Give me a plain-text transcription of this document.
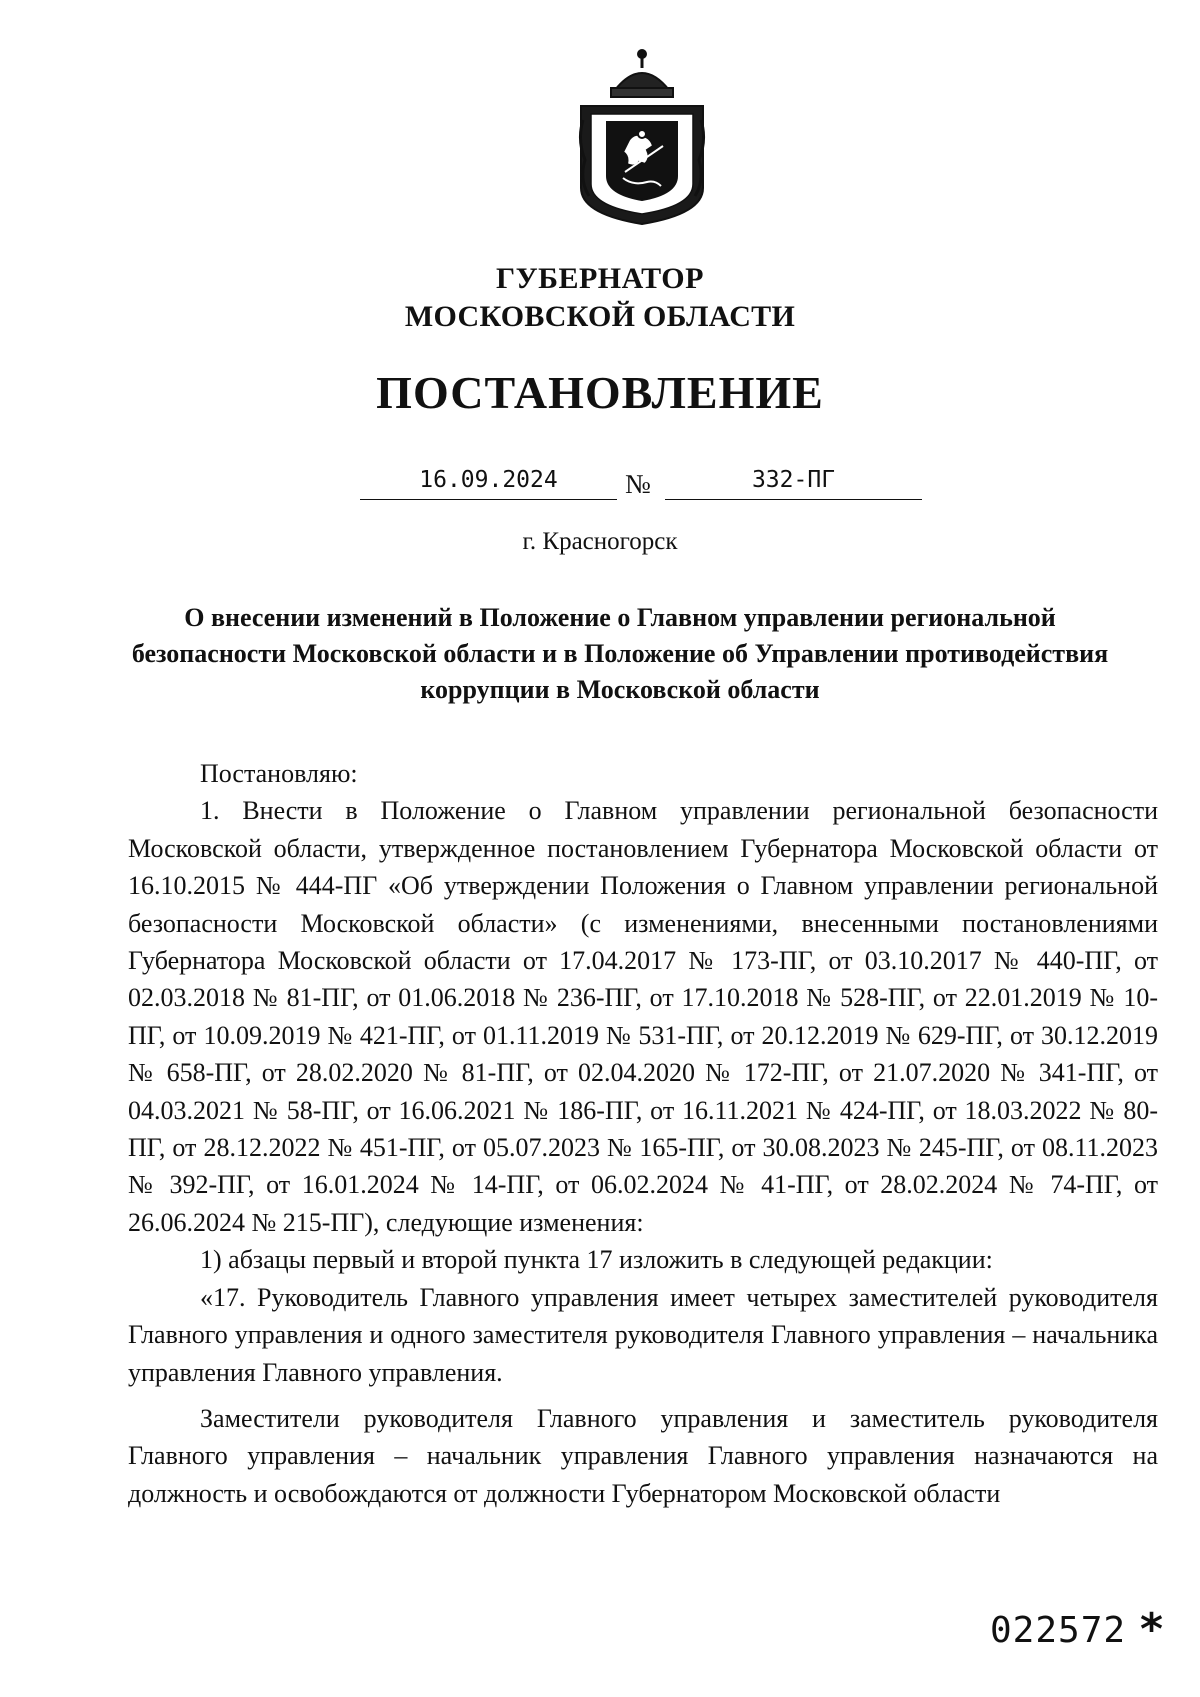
ГУБЕРНАТОР
МОСКОВСКОЙ ОБЛАСТИ
ПОСТАНОВЛЕНИЕ
16.09.2024	№	332-ПГ
г. Красногорск
О внесении изменений в Положение о Главном управлении региональной безопасности Московской области и в Положение об Управлении противодействия коррупции в Московской области

Постановляю:

1. Внести в Положение о Главном управлении региональной безопасности Московской области, утвержденное постановлением Губернатора Московской области от 16.10.2015 № 444-ПГ «Об утверждении Положения о Главном управлении региональной безопасности Московской области» (с изменениями, внесенными постановлениями Губернатора Московской области от 17.04.2017 № 173-ПГ, от 03.10.2017 № 440-ПГ, от 02.03.2018 № 81-ПГ, от 01.06.2018 № 236-ПГ, от 17.10.2018 № 528-ПГ, от 22.01.2019 № 10-ПГ, от 10.09.2019 № 421-ПГ, от 01.11.2019 № 531-ПГ, от 20.12.2019 № 629-ПГ, от 30.12.2019 № 658-ПГ, от 28.02.2020 № 81-ПГ, от 02.04.2020 № 172-ПГ, от 21.07.2020 № 341-ПГ, от 04.03.2021 № 58-ПГ, от 16.06.2021 № 186-ПГ, от 16.11.2021 № 424-ПГ, от 18.03.2022 № 80-ПГ, от 28.12.2022 № 451-ПГ, от 05.07.2023 № 165-ПГ, от 30.08.2023 № 245-ПГ, от 08.11.2023 № 392-ПГ, от 16.01.2024 № 14-ПГ, от 06.02.2024 № 41-ПГ, от 28.02.2024 № 74-ПГ, от 26.06.2024 № 215-ПГ), следующие изменения:

1) абзацы первый и второй пункта 17 изложить в следующей редакции:

«17. Руководитель Главного управления имеет четырех заместителей руководителя Главного управления и одного заместителя руководителя Главного управления – начальника управления Главного управления.

Заместители руководителя Главного управления и заместитель руководителя Главного управления – начальник управления Главного управления назначаются на должность и освобождаются от должности Губернатором Московской области

022572 *
